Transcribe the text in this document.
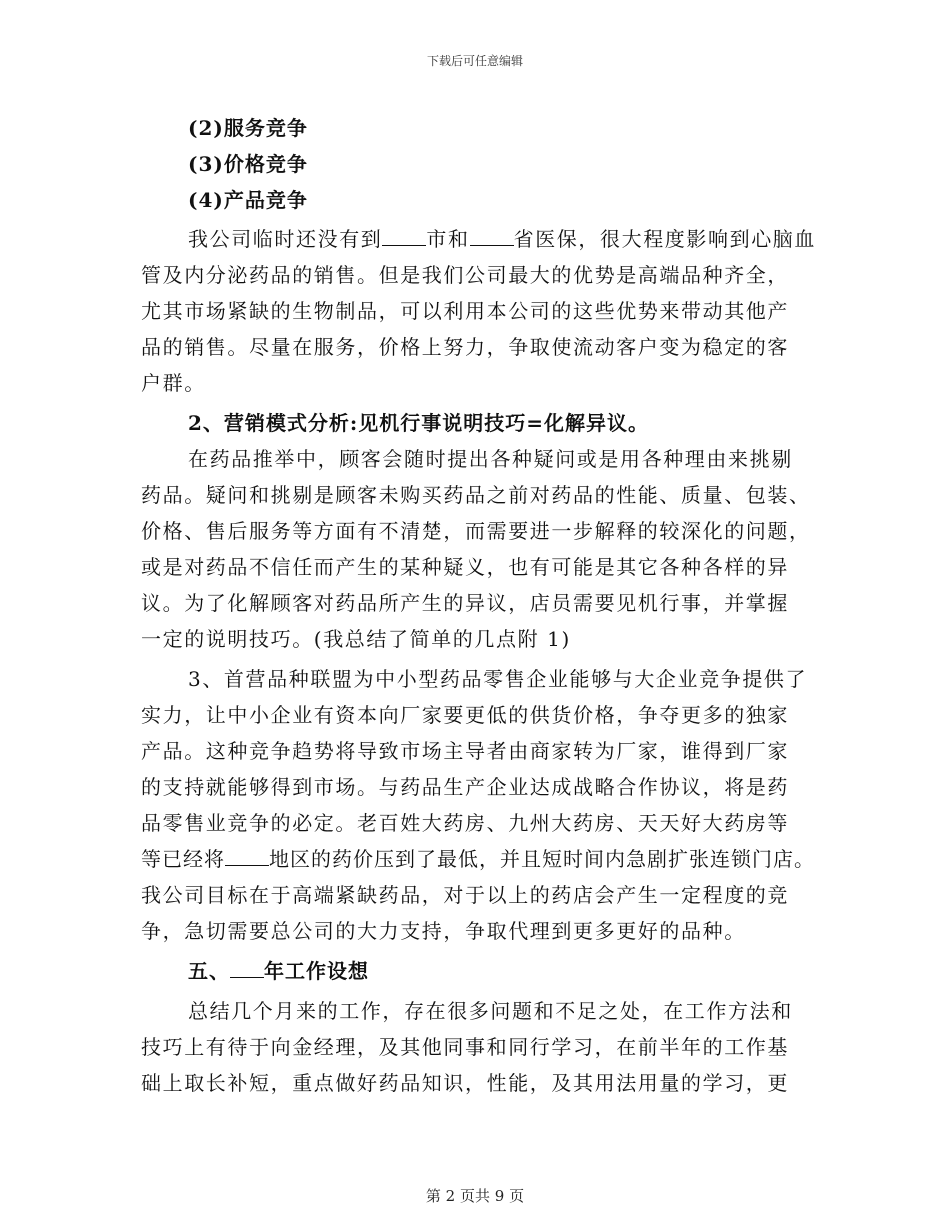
下载后可任意编辑
(2)服务竞争
(3)价格竞争
(4)产品竞争
我公司临时还没有到 市和 省医保，很大程度影响到心脑血
管及内分泌药品的销售。但是我们公司最大的优势是高端品种齐全，
尤其市场紧缺的生物制品，可以利用本公司的这些优势来带动其他产
品的销售。尽量在服务，价格上努力，争取使流动客户变为稳定的客
户群。
2、营销模式分析:见机行事说明技巧=化解异议。
在药品推举中，顾客会随时提出各种疑问或是用各种理由来挑剔
药品。疑问和挑剔是顾客未购买药品之前对药品的性能、质量、包装、
价格、售后服务等方面有不清楚，而需要进一步解释的较深化的问题，
或是对药品不信任而产生的某种疑义，也有可能是其它各种各样的异
议。为了化解顾客对药品所产生的异议，店员需要见机行事，并掌握
一定的说明技巧。(我总结了简单的几点附 1)
3、首营品种联盟为中小型药品零售企业能够与大企业竞争提供了
实力，让中小企业有资本向厂家要更低的供货价格，争夺更多的独家
产品。这种竞争趋势将导致市场主导者由商家转为厂家，谁得到厂家
的支持就能够得到市场。与药品生产企业达成战略合作协议，将是药
品零售业竞争的必定。老百姓大药房、九州大药房、天天好大药房等
等已经将 地区的药价压到了最低，并且短时间内急剧扩张连锁门店。
我公司目标在于高端紧缺药品，对于以上的药店会产生一定程度的竞
争，急切需要总公司的大力支持，争取代理到更多更好的品种。
五、 年工作设想
总结几个月来的工作，存在很多问题和不足之处，在工作方法和
技巧上有待于向金经理，及其他同事和同行学习，在前半年的工作基
础上取长补短，重点做好药品知识，性能，及其用法用量的学习，更
第 2 页共 9 页
